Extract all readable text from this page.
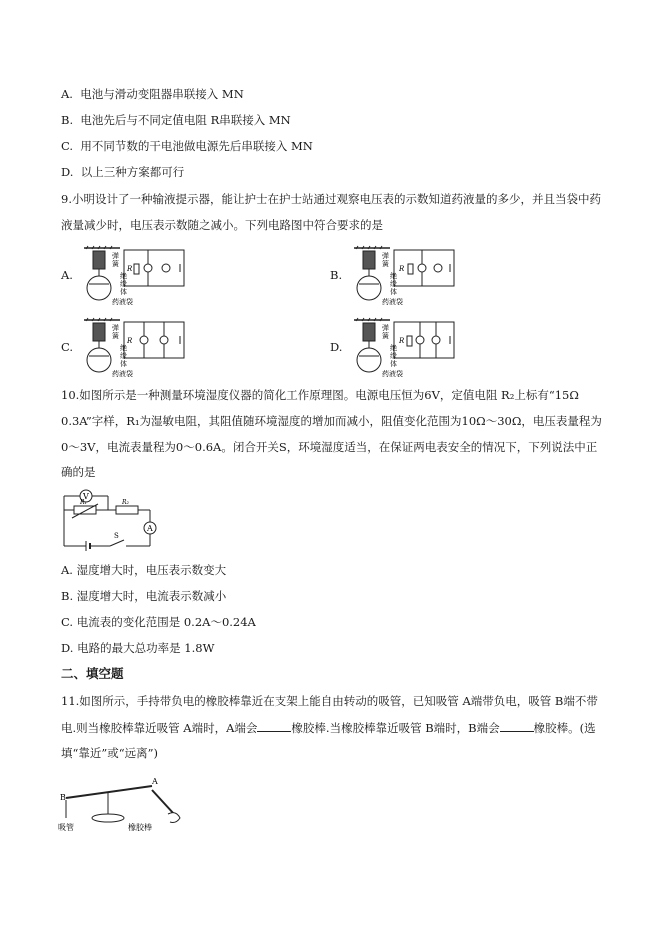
A. 电池与滑动变阻器串联接入 MN
B. 电池先后与不同定值电阻 R串联接入 MN
C. 用不同节数的干电池做电源先后串联接入 MN
D. 以上三种方案都可行
9.小明设计了一种输液提示器，能让护士在护士站通过观察电压表的示数知道药液量的多少，并且当袋中药
液量减少时，电压表示数随之减小。下列电路图中符合要求的是
A.	B.
C.	D.
弹
簧
绝
缘
体
药液袋
R
弹
簧
绝
缘
体
药液袋
R
弹
簧
绝
缘
体
药液袋
R
弹
簧
绝
缘
体
药液袋
R
10.如图所示是一种测量环境湿度仪器的简化工作原理图。电源电压恒为6V，定值电阻 R₂上标有“15Ω
0.3A”字样，R₁为湿敏电阻，其阻值随环境湿度的增加而减小，阻值变化范围为10Ω～30Ω，电压表量程为
0～3V，电流表量程为0～0.6A。闭合开关S，环境湿度适当，在保证两电表安全的情况下，下列说法中正
确的是
V
R₁	R₂
A
S
A. 湿度增大时，电压表示数变大
B. 湿度增大时，电流表示数减小
C. 电流表的变化范围是 0.2A～0.24A
D. 电路的最大总功率是 1.8W
二、填空题
11.如图所示，手持带负电的橡胶棒靠近在支架上能自由转动的吸管，已知吸管 A端带负电，吸管 B端不带
电.则当橡胶棒靠近吸管 A端时，A端会	橡胶棒.当橡胶棒靠近吸管 B端时，B端会	橡胶棒。(选
填“靠近”或“远离”)
B
A
吸管	橡胶棒
